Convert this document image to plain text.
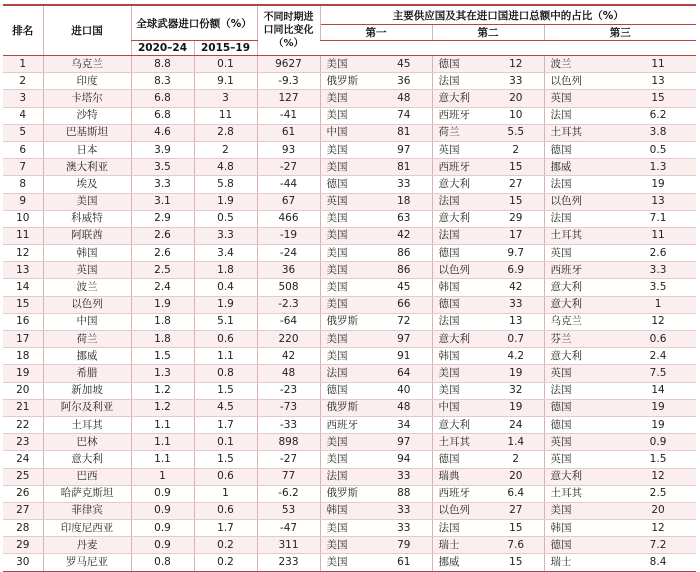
排名	进口国	全球武器进口份额（%）		不同时期进
口同比变化
（%）	主要供应国及其在进口国进口总额中的占比（%）					
					第一		第二		第三	
		2020–24	2015–19							
1	乌克兰	8.8	0.1	9627	美国	45	德国	12	波兰	11
2	印度	8.3	9.1	-9.3	俄罗斯	36	法国	33	以色列	13
3	卡塔尔	6.8	3	127	美国	48	意大利	20	英国	15
4	沙特	6.8	11	-41	美国	74	西班牙	10	法国	6.2
5	巴基斯坦	4.6	2.8	61	中国	81	荷兰	5.5	土耳其	3.8
6	日本	3.9	2	93	美国	97	英国	2	德国	0.5
7	澳大利亚	3.5	4.8	-27	美国	81	西班牙	15	挪威	1.3
8	埃及	3.3	5.8	-44	德国	33	意大利	27	法国	19
9	美国	3.1	1.9	67	英国	18	法国	15	以色列	13
10	科威特	2.9	0.5	466	美国	63	意大利	29	法国	7.1
11	阿联酋	2.6	3.3	-19	美国	42	法国	17	土耳其	11
12	韩国	2.6	3.4	-24	美国	86	德国	9.7	英国	2.6
13	英国	2.5	1.8	36	美国	86	以色列	6.9	西班牙	3.3
14	波兰	2.4	0.4	508	美国	45	韩国	42	意大利	3.5
15	以色列	1.9	1.9	-2.3	美国	66	德国	33	意大利	1
16	中国	1.8	5.1	-64	俄罗斯	72	法国	13	乌克兰	12
17	荷兰	1.8	0.6	220	美国	97	意大利	0.7	芬兰	0.6
18	挪威	1.5	1.1	42	美国	91	韩国	4.2	意大利	2.4
19	希腊	1.3	0.8	48	法国	64	美国	19	英国	7.5
20	新加坡	1.2	1.5	-23	德国	40	美国	32	法国	14
21	阿尔及利亚	1.2	4.5	-73	俄罗斯	48	中国	19	德国	19
22	土耳其	1.1	1.7	-33	西班牙	34	意大利	24	德国	19
23	巴林	1.1	0.1	898	美国	97	土耳其	1.4	英国	0.9
24	意大利	1.1	1.5	-27	美国	94	德国	2	英国	1.5
25	巴西	1	0.6	77	法国	33	瑞典	20	意大利	12
26	哈萨克斯坦	0.9	1	-6.2	俄罗斯	88	西班牙	6.4	土耳其	2.5
27	菲律宾	0.9	0.6	53	韩国	33	以色列	27	美国	20
28	印度尼西亚	0.9	1.7	-47	美国	33	法国	15	韩国	12
29	丹麦	0.9	0.2	311	美国	79	瑞士	7.6	德国	7.2
30	罗马尼亚	0.8	0.2	233	美国	61	挪威	15	瑞士	8.4
